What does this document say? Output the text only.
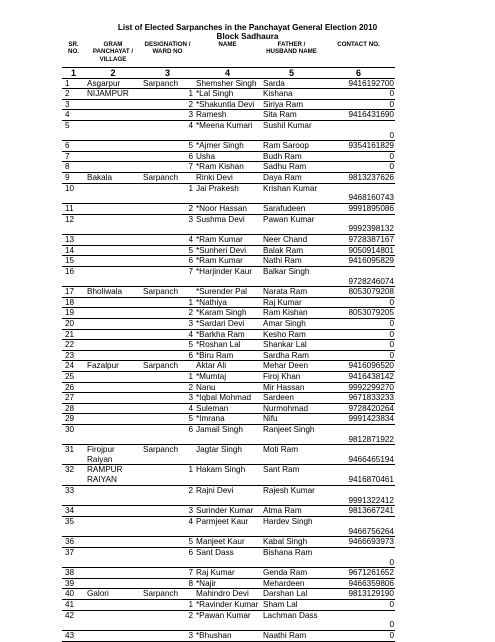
List of Elected Sarpanches in the Panchayat General Election 2010
Block Sadhaura
SR. NO.	GRAM PANCHAYAT / VILLAGE	DESIGNATION / WARD NO	NAME	FATHER / HUSBAND NAME	CONTACT NO.
1	2	3	4	5	6
1	Asgarpur	Sarpanch	Shemsher Singh	Sarda	9416192700
2	NIJAMPUR	1	*Lal Singh	Kishana	0
3		2	*Shakuntla Devi	Siriya Ram	0
4		3	Ramesh	Sita Ram	9416431690
5		4	*Meena Kumari	Sushil Kumar	0
6		5	*Ajmer Singh	Ram Saroop	9354161829
7		6	Usha	Budh Ram	0
8		7	*Ram Kishan	Sadhu Ram	0
9	Bakala	Sarpanch	Rinki Devi	Daya Ram	9813237626
10		1	Jai Prakesh	Krishan Kumar	9468160743
11		2	*Noor Hassan	Sarafudeen	9991895086
12		3	Sushma Devi	Pawan Kumar	9992398132
13		4	*Ram Kumar	Neer Chand	9728387167
14		5	*Sunheri Devi	Balak Ram	9050914801
15		6	*Ram Kumar	Nathi Ram	9416095829
16		7	*Harjinder Kaur	Balkar Singh	9728246074
17	Bholiwala	Sarpanch	*Surender Pal	Narata Ram	8053079208
18		1	*Nathiya	Raj Kumar	0
19		2	*Karam Singh	Ram Kishan	8053079205
20		3	*Sardari Devi	Amar Singh	0
21		4	*Barkha Ram	Kesho Ram	0
22		5	*Roshan Lal	Shankar Lal	0
23		6	*Biru Ram	Sardha Ram	0
24	Fazalpur	Sarpanch	Aktar Ali	Mehar Deen	9416096520
25		1	*Mumtaj	Firoj Khan	9416438142
26		2	Nanu	Mir Hassan	9992299270
27		3	*Iqbal Mohmad	Sardeen	9671833233
28		4	Suleman	Nurmohmad	9728420264
29		5	*Imrana	Nifu	9991423834
30		6	Jamail Singh	Ranjeet Singh	9812871922
31	Firojpur Raiyan	Sarpanch	Jagtar Singh	Moti Ram	9466465194
32	RAMPUR RAIYAN	1	Hakam Singh	Sant Ram	9416870461
33		2	Rajni Devi	Rajesh Kumar	9991322412
34		3	Surinder Kumar	Atma Ram	9813667241
35		4	Parmjeet Kaur	Hardev Singh	9466756264
36		5	Manjeet Kaur	Kabal Singh	9466693973
37		6	Sant Dass	Bishana Ram	0
38		7	Raj Kumar	Genda Ram	9671261652
39		8	*Najir	Mehardeen	9466359806
40	Galori	Sarpanch	Mahindro Devi	Darshan Lal	9813129190
41		1	*Ravinder Kumar	Sham Lal	0
42		2	*Pawan Kumar	Lachman Dass	0
43		3	*Bhushan	Naathi Ram	0
